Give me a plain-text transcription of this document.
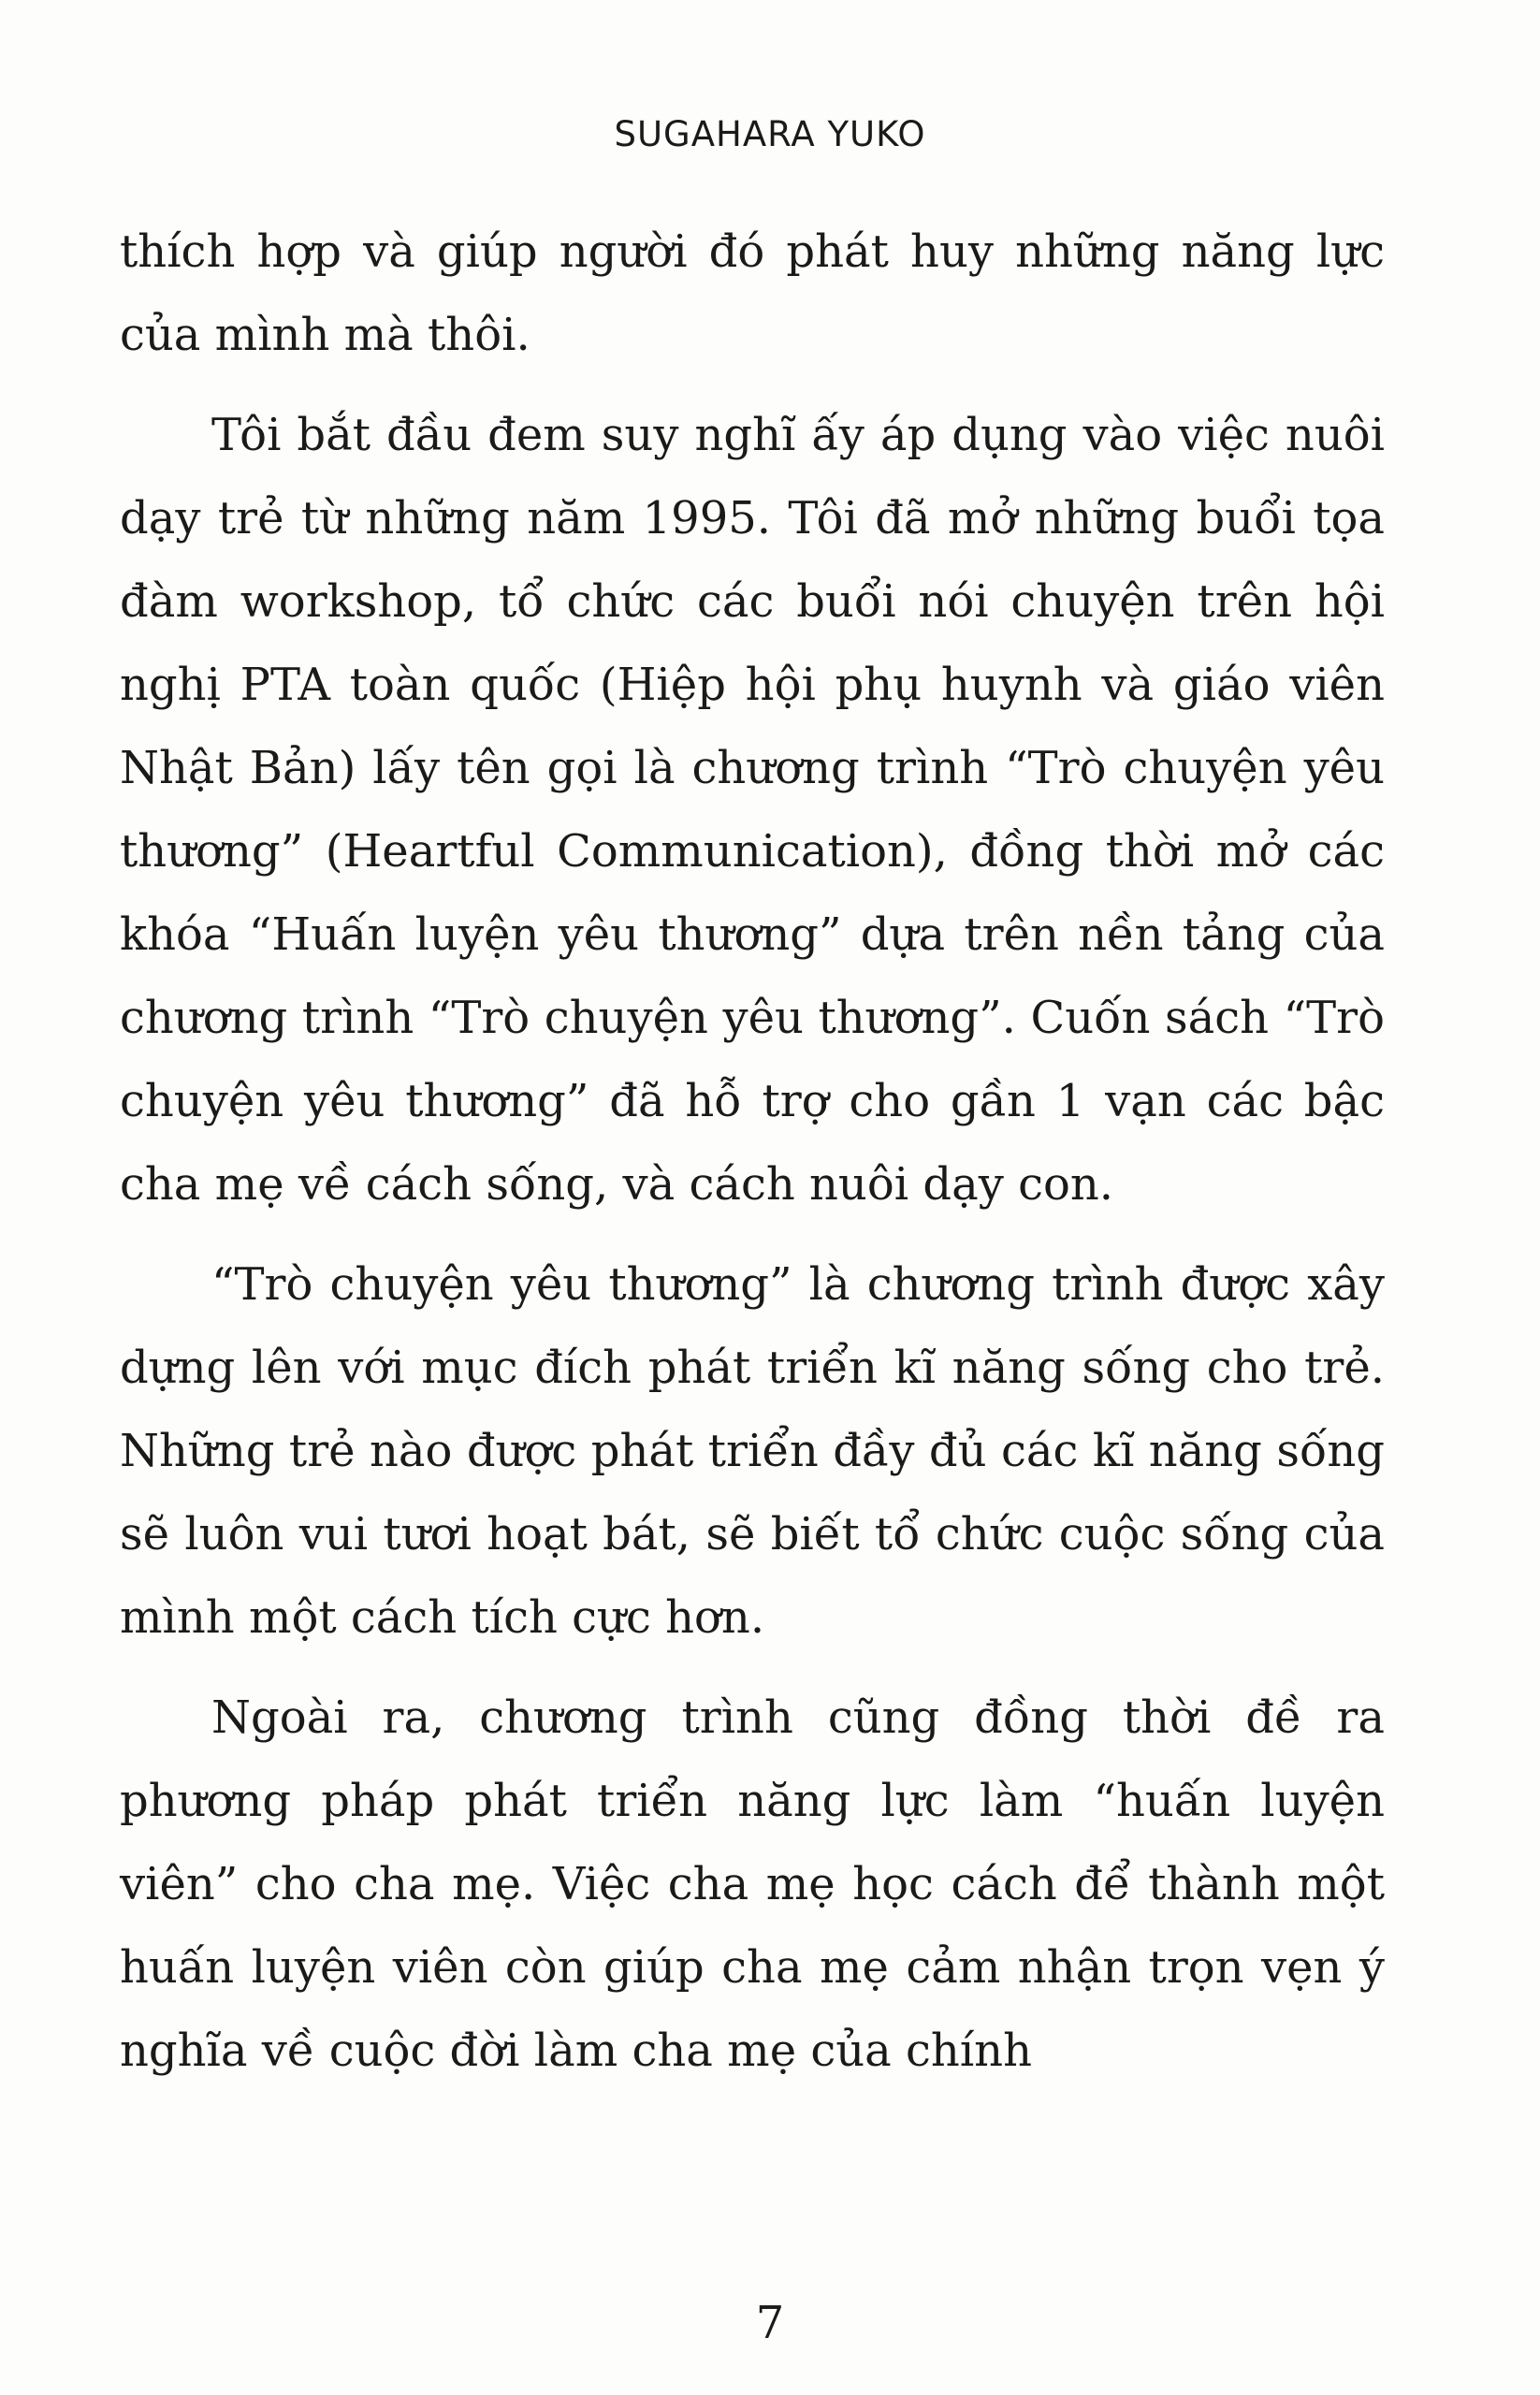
SUGAHARA YUKO

thích hợp và giúp người đó phát huy những năng lực của mình mà thôi.

Tôi bắt đầu đem suy nghĩ ấy áp dụng vào việc nuôi dạy trẻ từ những năm 1995. Tôi đã mở những buổi tọa đàm workshop, tổ chức các buổi nói chuyện trên hội nghị PTA toàn quốc (Hiệp hội phụ huynh và giáo viên Nhật Bản) lấy tên gọi là chương trình “Trò chuyện yêu thương” (Heartful Communication), đồng thời mở các khóa “Huấn luyện yêu thương” dựa trên nền tảng của chương trình “Trò chuyện yêu thương”. Cuốn sách “Trò chuyện yêu thương” đã hỗ trợ cho gần 1 vạn các bậc cha mẹ về cách sống, và cách nuôi dạy con.

“Trò chuyện yêu thương” là chương trình được xây dựng lên với mục đích phát triển kĩ năng sống cho trẻ. Những trẻ nào được phát triển đầy đủ các kĩ năng sống sẽ luôn vui tươi hoạt bát, sẽ biết tổ chức cuộc sống của mình một cách tích cực hơn.

Ngoài ra, chương trình cũng đồng thời đề ra phương pháp phát triển năng lực làm “huấn luyện viên” cho cha mẹ. Việc cha mẹ học cách để thành một huấn luyện viên còn giúp cha mẹ cảm nhận trọn vẹn ý nghĩa về cuộc đời làm cha mẹ của chính

7
